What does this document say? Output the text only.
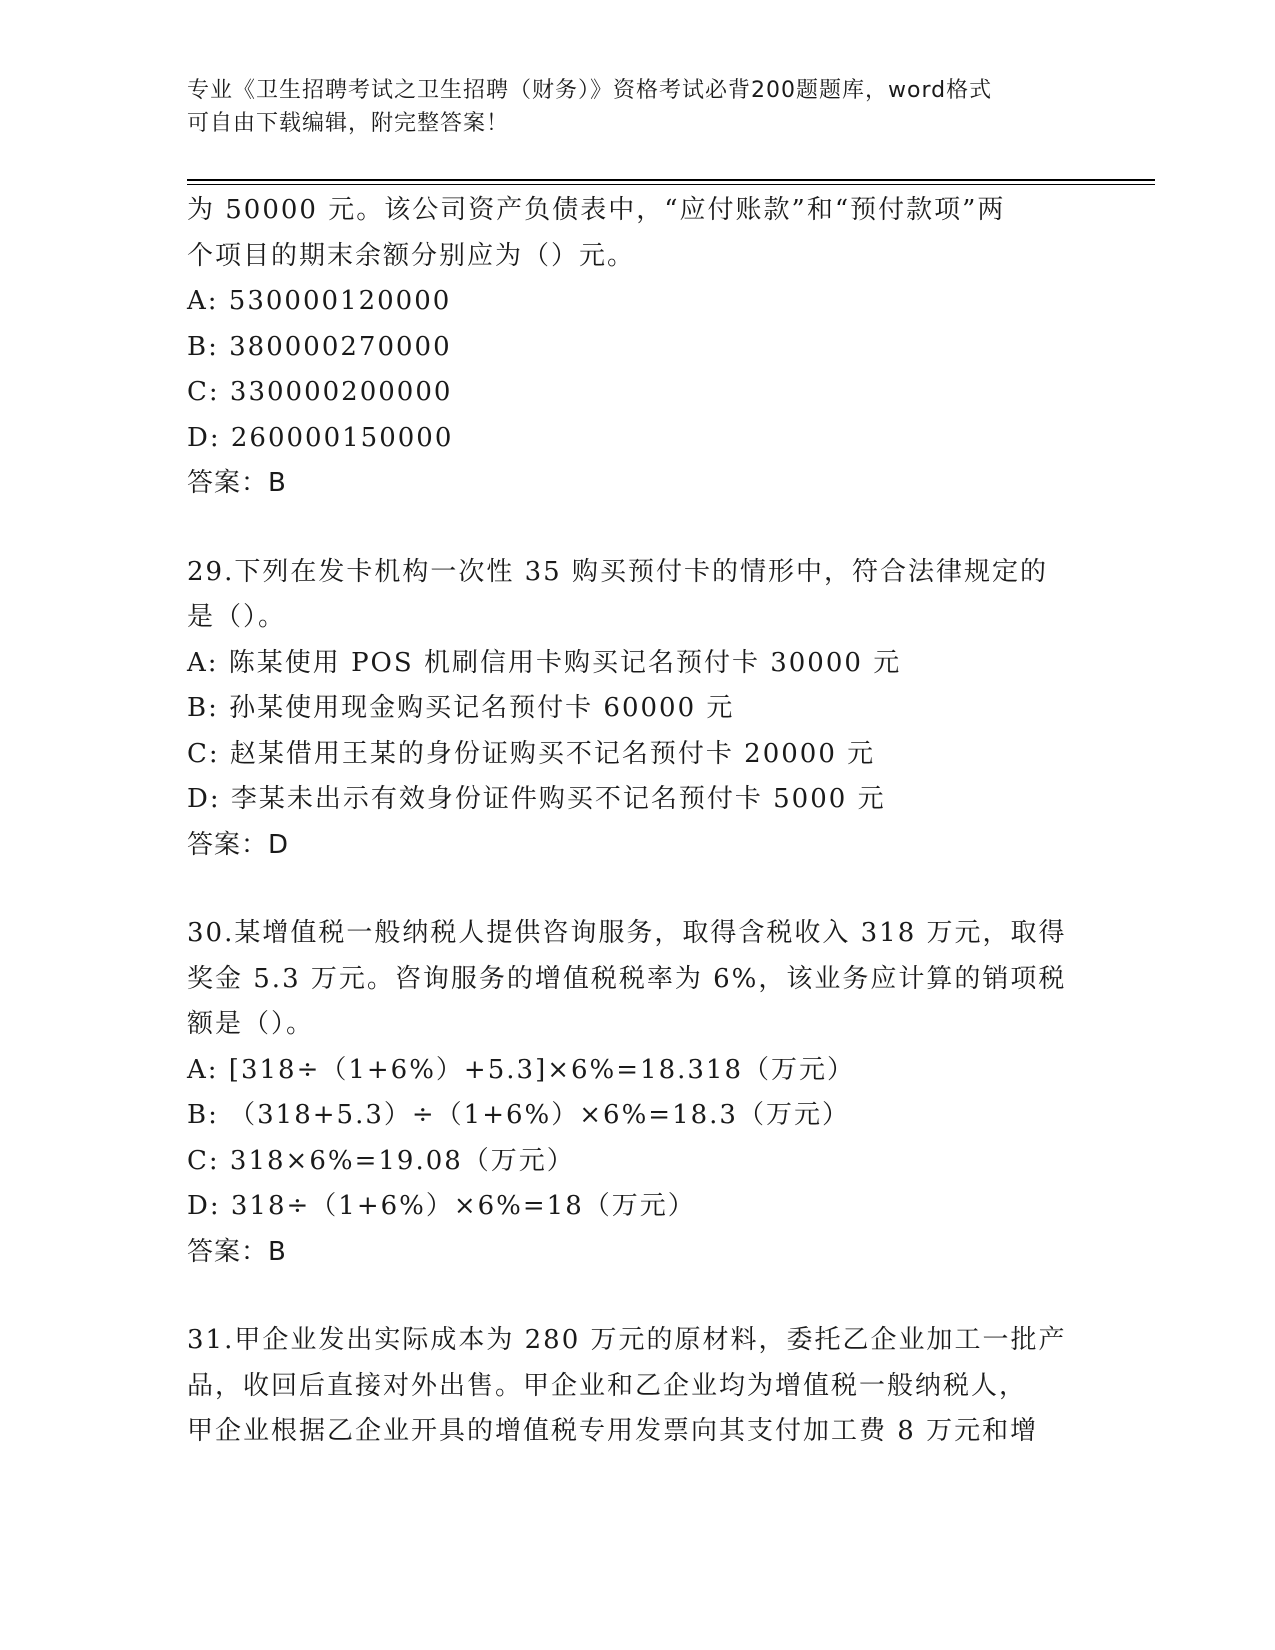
专业《卫生招聘考试之卫生招聘（财务）》资格考试必背200题题库，word格式
可自由下载编辑，附完整答案！
为 50000 元。该公司资产负债表中，“应付账款”和“预付款项”两
个项目的期末余额分别应为（）元。
A: 530000120000
B: 380000270000
C: 330000200000
D: 260000150000
答案：B
29.下列在发卡机构一次性 35 购买预付卡的情形中，符合法律规定的
是（）。
A: 陈某使用 POS 机刷信用卡购买记名预付卡 30000 元
B: 孙某使用现金购买记名预付卡 60000 元
C: 赵某借用王某的身份证购买不记名预付卡 20000 元
D: 李某未出示有效身份证件购买不记名预付卡 5000 元
答案：D
30.某增值税一般纳税人提供咨询服务，取得含税收入 318 万元，取得
奖金 5.3 万元。咨询服务的增值税税率为 6%，该业务应计算的销项税
额是（）。
A: [318÷（1+6%）+5.3]×6%=18.318（万元）
B: （318+5.3）÷（1+6%）×6%=18.3（万元）
C: 318×6%=19.08（万元）
D: 318÷（1+6%）×6%=18（万元）
答案：B
31.甲企业发出实际成本为 280 万元的原材料，委托乙企业加工一批产
品，收回后直接对外出售。甲企业和乙企业均为增值税一般纳税人，
甲企业根据乙企业开具的增值税专用发票向其支付加工费 8 万元和增
